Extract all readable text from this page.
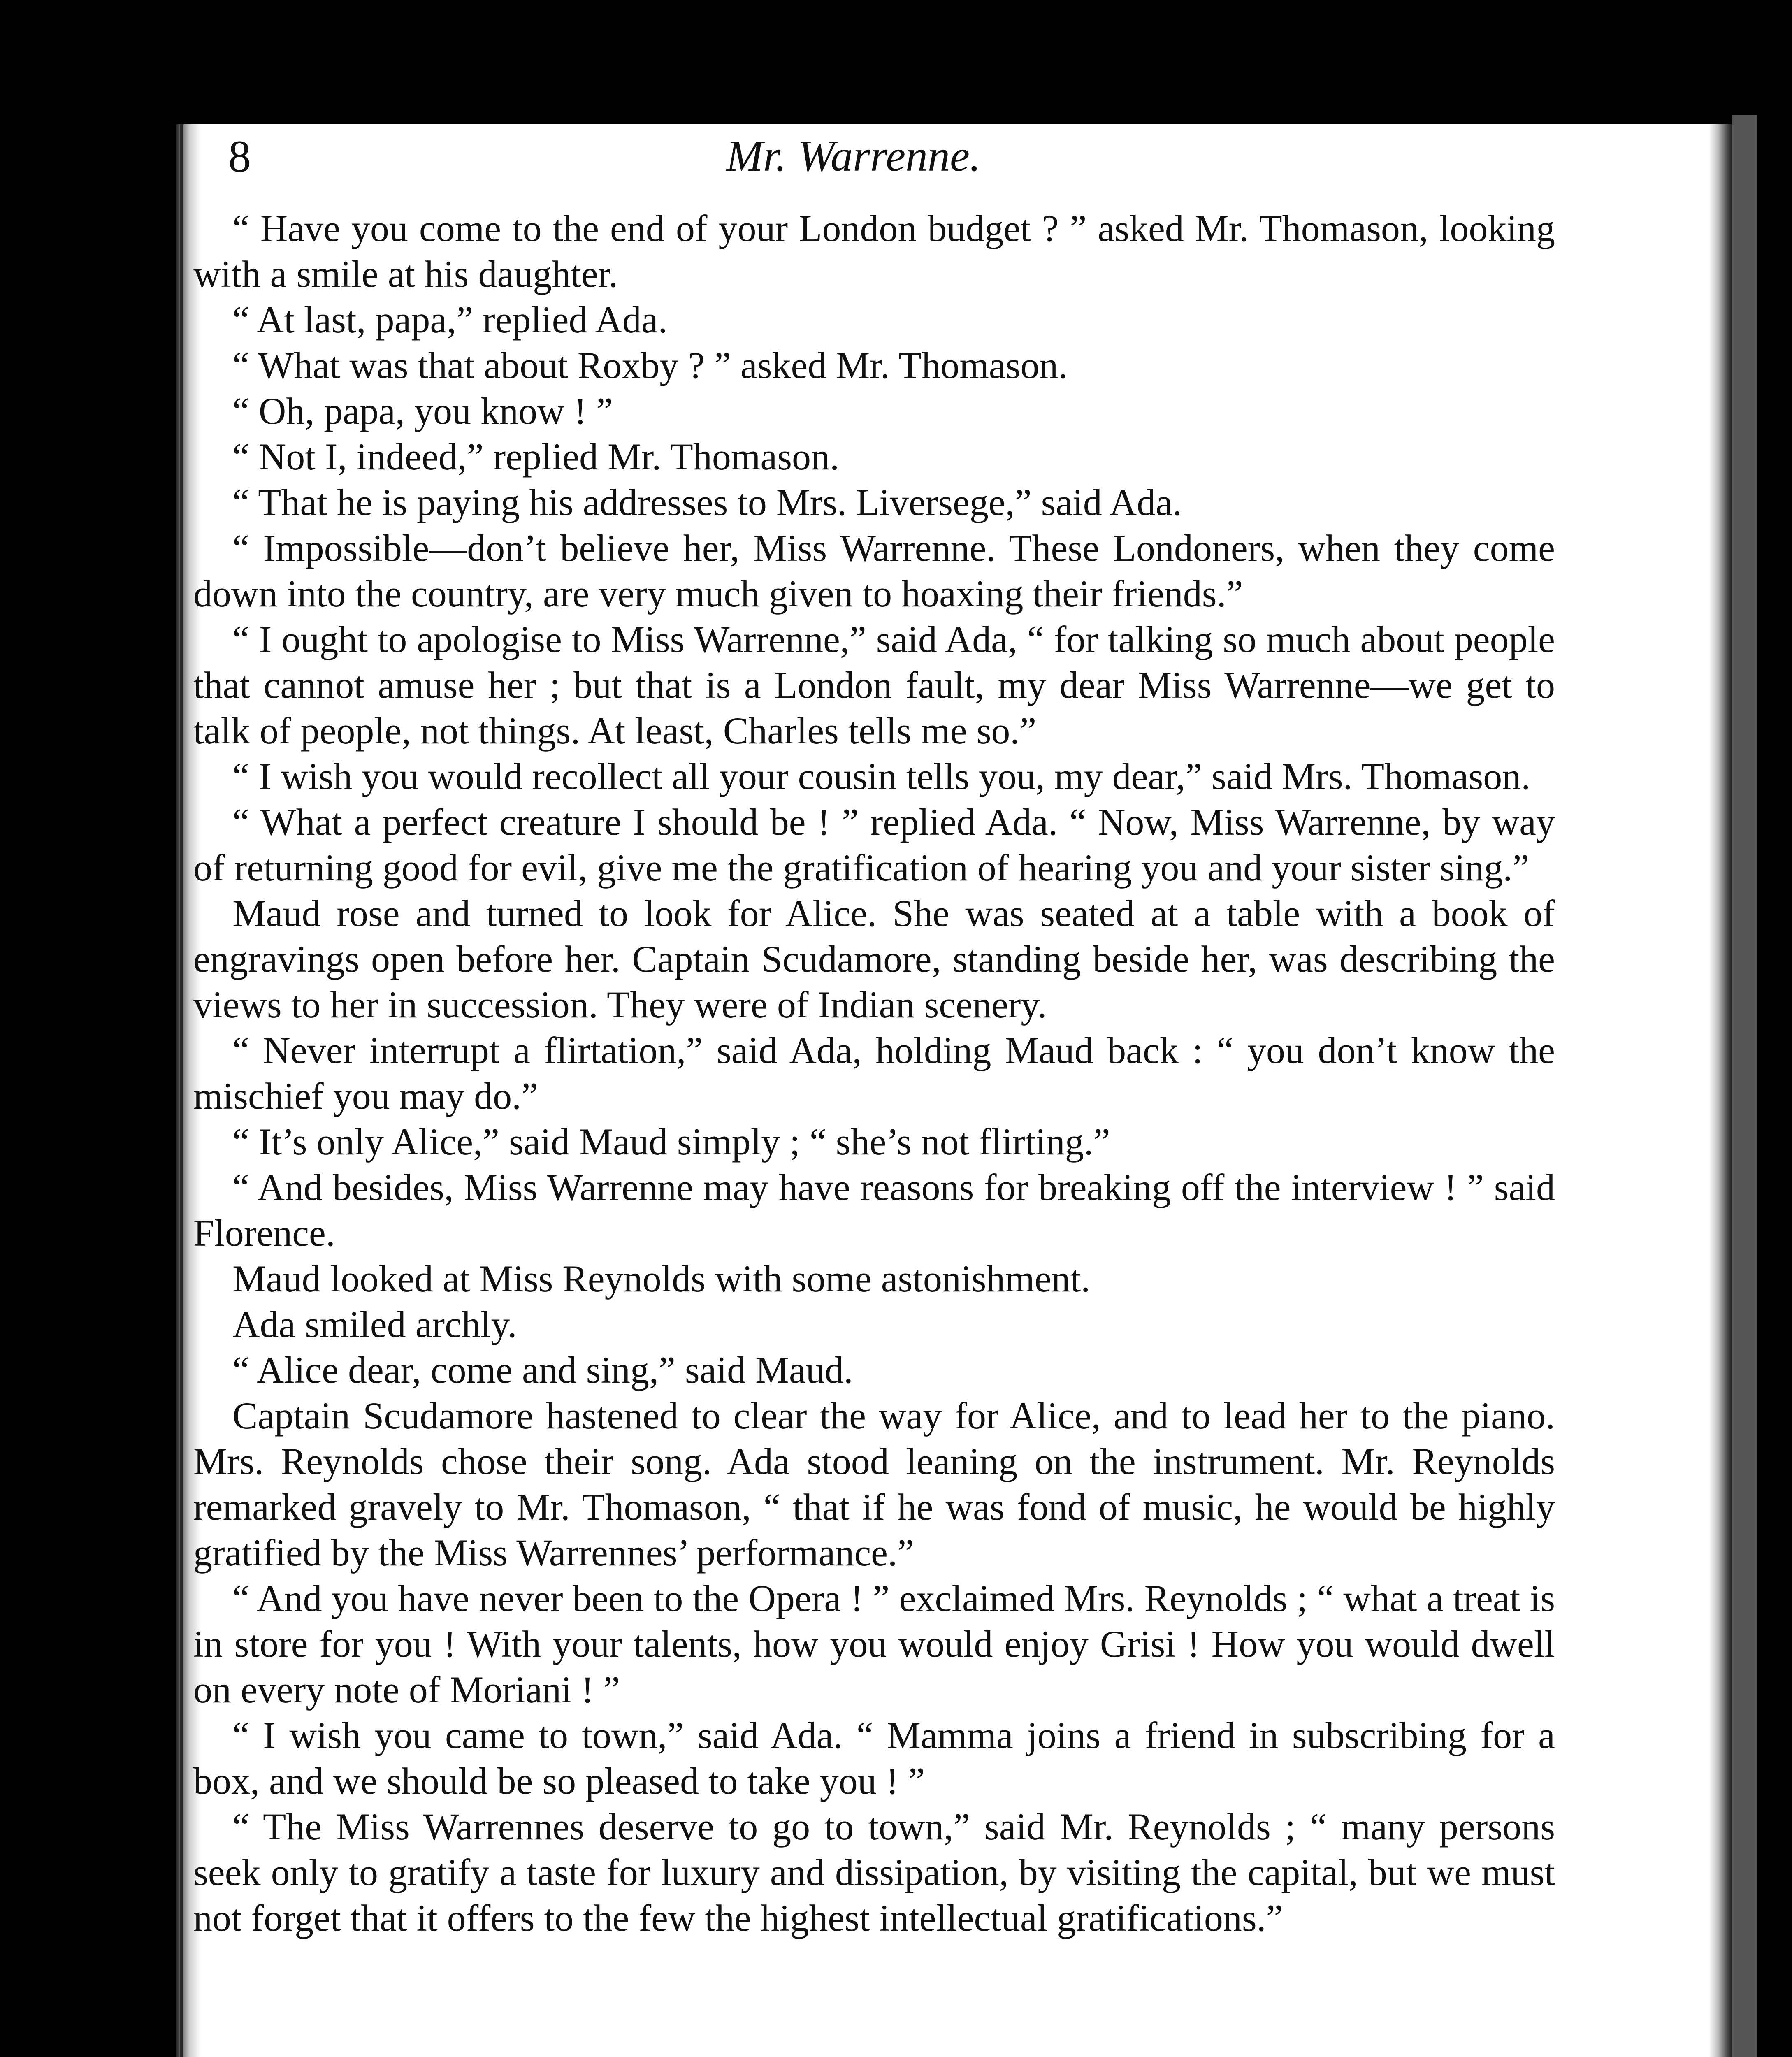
8	Mr. Warrenne.

“ Have you come to the end of your London budget ? ” asked Mr. Thomason, looking with a smile at his daughter.

“ At last, papa,” replied Ada.

“ What was that about Roxby ? ” asked Mr. Thomason.

“ Oh, papa, you know ! ”

“ Not I, indeed,” replied Mr. Thomason.

“ That he is paying his addresses to Mrs. Liversege,” said Ada.

“ Impossible—don’t believe her, Miss Warrenne. These Londoners, when they come down into the country, are very much given to hoaxing their friends.”

“ I ought to apologise to Miss Warrenne,” said Ada, “ for talking so much about people that cannot amuse her ; but that is a London fault, my dear Miss Warrenne—we get to talk of people, not things. At least, Charles tells me so.”

“ I wish you would recollect all your cousin tells you, my dear,” said Mrs. Thomason.

“ What a perfect creature I should be ! ” replied Ada. “ Now, Miss Warrenne, by way of returning good for evil, give me the gratification of hearing you and your sister sing.”

Maud rose and turned to look for Alice. She was seated at a table with a book of engravings open before her. Captain Scudamore, standing beside her, was describing the views to her in succession. They were of Indian scenery.

“ Never interrupt a flirtation,” said Ada, holding Maud back : “ you don’t know the mischief you may do.”

“ It’s only Alice,” said Maud simply ; “ she’s not flirting.”

“ And besides, Miss Warrenne may have reasons for breaking off the interview ! ” said Florence.

Maud looked at Miss Reynolds with some astonishment.

Ada smiled archly.

“ Alice dear, come and sing,” said Maud.

Captain Scudamore hastened to clear the way for Alice, and to lead her to the piano. Mrs. Reynolds chose their song. Ada stood leaning on the instrument. Mr. Reynolds remarked gravely to Mr. Thomason, “ that if he was fond of music, he would be highly gratified by the Miss Warrennes’ performance.”

“ And you have never been to the Opera ! ” exclaimed Mrs. Reynolds ; “ what a treat is in store for you ! With your talents, how you would enjoy Grisi ! How you would dwell on every note of Moriani ! ”

“ I wish you came to town,” said Ada. “ Mamma joins a friend in subscribing for a box, and we should be so pleased to take you ! ”

“ The Miss Warrennes deserve to go to town,” said Mr. Reynolds ; “ many persons seek only to gratify a taste for luxury and dissipation, by visiting the capital, but we must not forget that it offers to the few the highest intellectual gratifications.”
